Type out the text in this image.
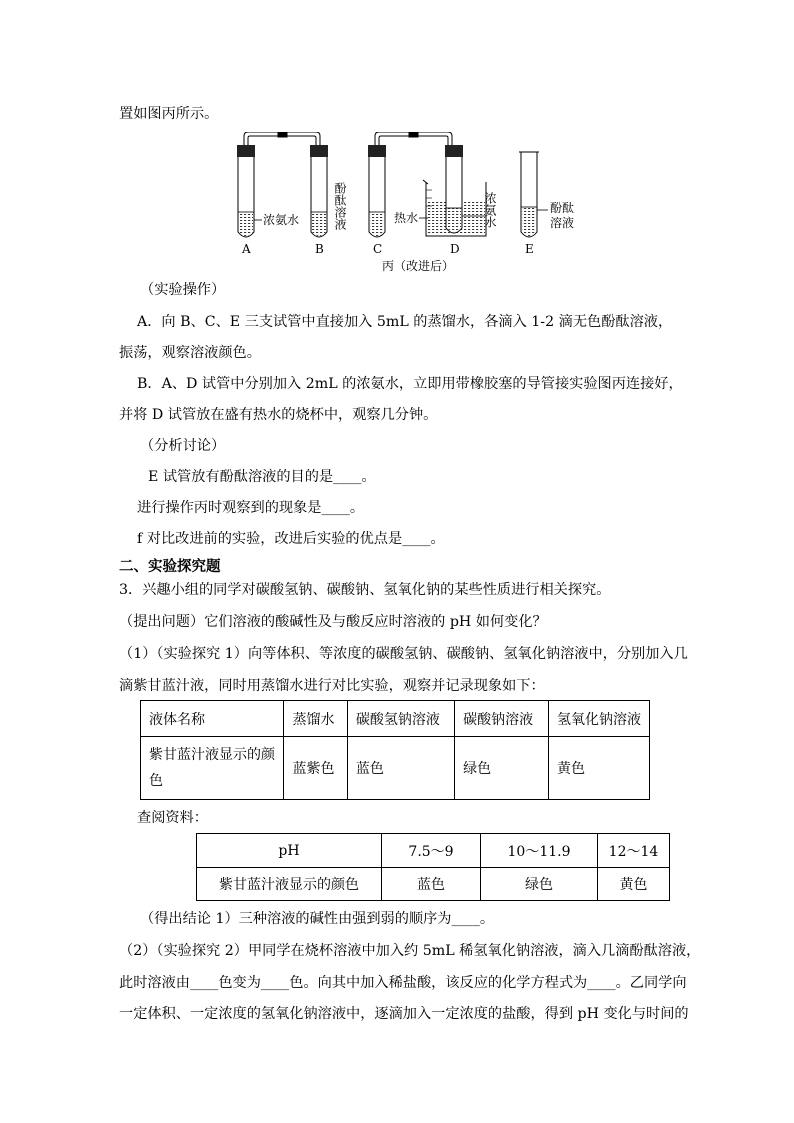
置如图丙所示。
浓氨水	酚酞溶液	热水	浓氨水	酚酞
溶液
酚酞溶液
A	B	C	D	E
丙（改进后）
（实验操作）
A．向 B、C、E 三支试管中直接加入 5mL 的蒸馏水，各滴入 1-2 滴无色酚酞溶液，
振荡，观察溶液颜色。
B．A、D 试管中分别加入 2mL 的浓氨水，立即用带橡胶塞的导管接实验图丙连接好，
并将 D 试管放在盛有热水的烧杯中，观察几分钟。
（分析讨论）
E 试管放有酚酞溶液的目的是____。
进行操作丙时观察到的现象是____。
f 对比改进前的实验，改进后实验的优点是____。
二、实验探究题
3．兴趣小组的同学对碳酸氢钠、碳酸钠、氢氧化钠的某些性质进行相关探究。
（提出问题）它们溶液的酸碱性及与酸反应时溶液的 pH 如何变化？
（1）（实验探究 1）向等体积、等浓度的碳酸氢钠、碳酸钠、氢氧化钠溶液中，分别加入几
滴紫甘蓝汁液，同时用蒸馏水进行对比实验，观察并记录现象如下：
液体名称	蒸馏水	碳酸氢钠溶液	碳酸钠溶液	氢氧化钠溶液
紫甘蓝汁液显示的颜
色	蓝紫色	蓝色	绿色	黄色
查阅资料：
pH	7.5～9	10～11.9	12～14
紫甘蓝汁液显示的颜色	蓝色	绿色	黄色
（得出结论 1）三种溶液的碱性由强到弱的顺序为____。
（2）（实验探究 2）甲同学在烧杯溶液中加入约 5mL 稀氢氧化钠溶液，滴入几滴酚酞溶液，
此时溶液由____色变为____色。向其中加入稀盐酸，该反应的化学方程式为____。乙同学向
一定体积、一定浓度的氢氧化钠溶液中，逐滴加入一定浓度的盐酸，得到 pH 变化与时间的
